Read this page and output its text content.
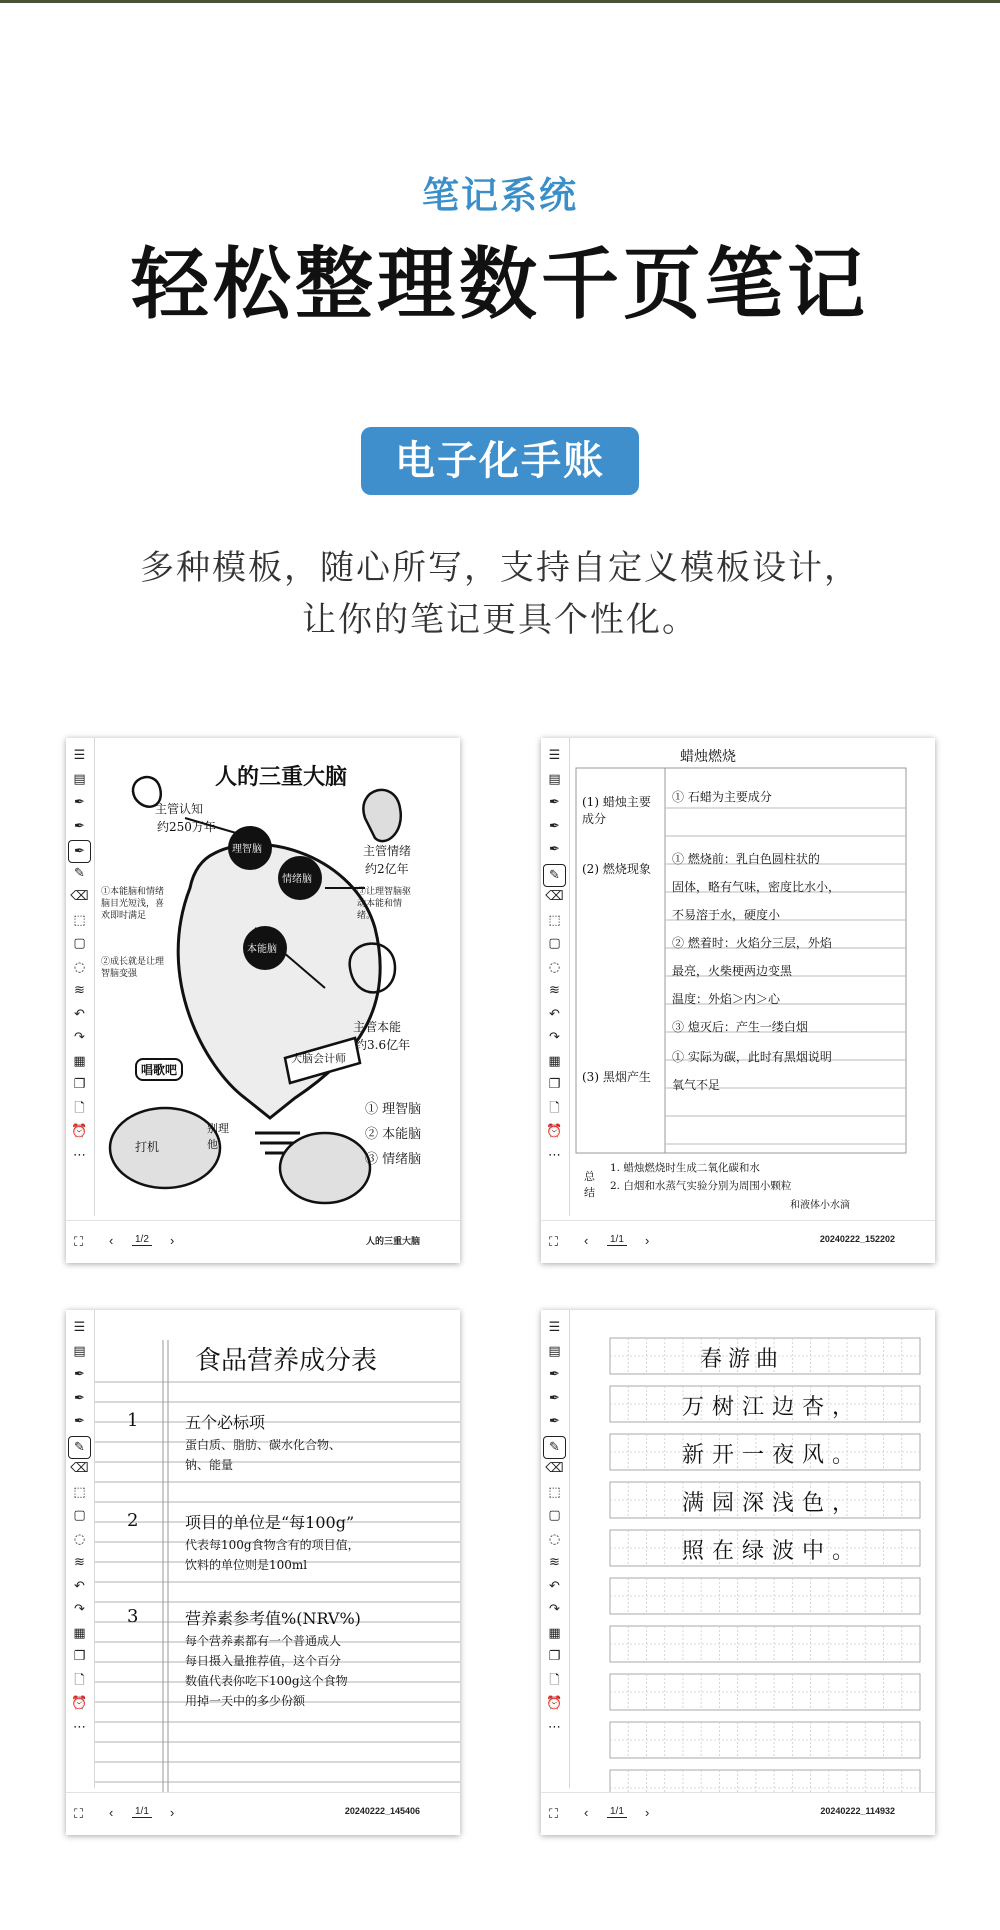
笔记系统
轻松整理数千页笔记
电子化手账
多种模板，随心所写，支持自定义模板设计，
让你的笔记更具个性化。
☰
▤
✒
✒
✒
✎
⌫
⬚
▢
◌
≋
↶
↷
▦
❐
🗋
⏰
⋯
人的三重大脑
主管认知
约250万年
理智脑
情绪脑
本能脑
主管情绪
约2亿年
主管本能
约3.6亿年
①本能脑和情绪脑目光短浅，喜欢即时满足
②成长就是让理智脑变强
③让理智脑驱动本能和情绪。
唱歌吧
打机
别理他
大脑会计师
① 理智脑
② 本能脑
③ 情绪脑
⛶ ‹	1/2 ›	人的三重大脑
☰
▤
✒
✒
✒
✎
⌫
⬚
▢
◌
≋
↶
↷
▦
❐
🗋
⏰
⋯
蜡烛燃烧
(1) 蜡烛主要成分
① 石蜡为主要成分
(2) 燃烧现象
① 燃烧前：乳白色圆柱状的
固体，略有气味，密度比水小，
不易溶于水，硬度小
② 燃着时：火焰分三层，外焰
最亮，火柴梗两边变黑
温度：外焰＞内＞心
③ 熄灭后：产生一缕白烟
(3) 黑烟产生
① 实际为碳，此时有黑烟说明
氧气不足
总结
1. 蜡烛燃烧时生成二氧化碳和水
2. 白烟和水蒸气实验分别为周围小颗粒
和液体小水滴
⛶ ‹	1/1 ›	20240222_152202
☰
▤
✒
✒
✒
✎
⌫
⬚
▢
◌
≋
↶
↷
▦
❐
🗋
⏰
⋯
食品营养成分表
1	五个必标项
蛋白质、脂肪、碳水化合物、
钠、能量
2	项目的单位是“每100g”
代表每100g食物含有的项目值，
饮料的单位则是100ml
3	营养素参考值%(NRV%)
每个营养素都有一个普通成人
每日摄入量推荐值，这个百分
数值代表你吃下100g这个食物
用掉一天中的多少份额
⛶ ‹	1/1 ›	20240222_145406
☰
▤
✒
✒
✒
✎
⌫
⬚
▢
◌
≋
↶
↷
▦
❐
🗋
⏰
⋯
春游曲
万树江边杏，
新开一夜风。
满园深浅色，
照在绿波中。
⛶ ‹	1/1 ›	20240222_114932
